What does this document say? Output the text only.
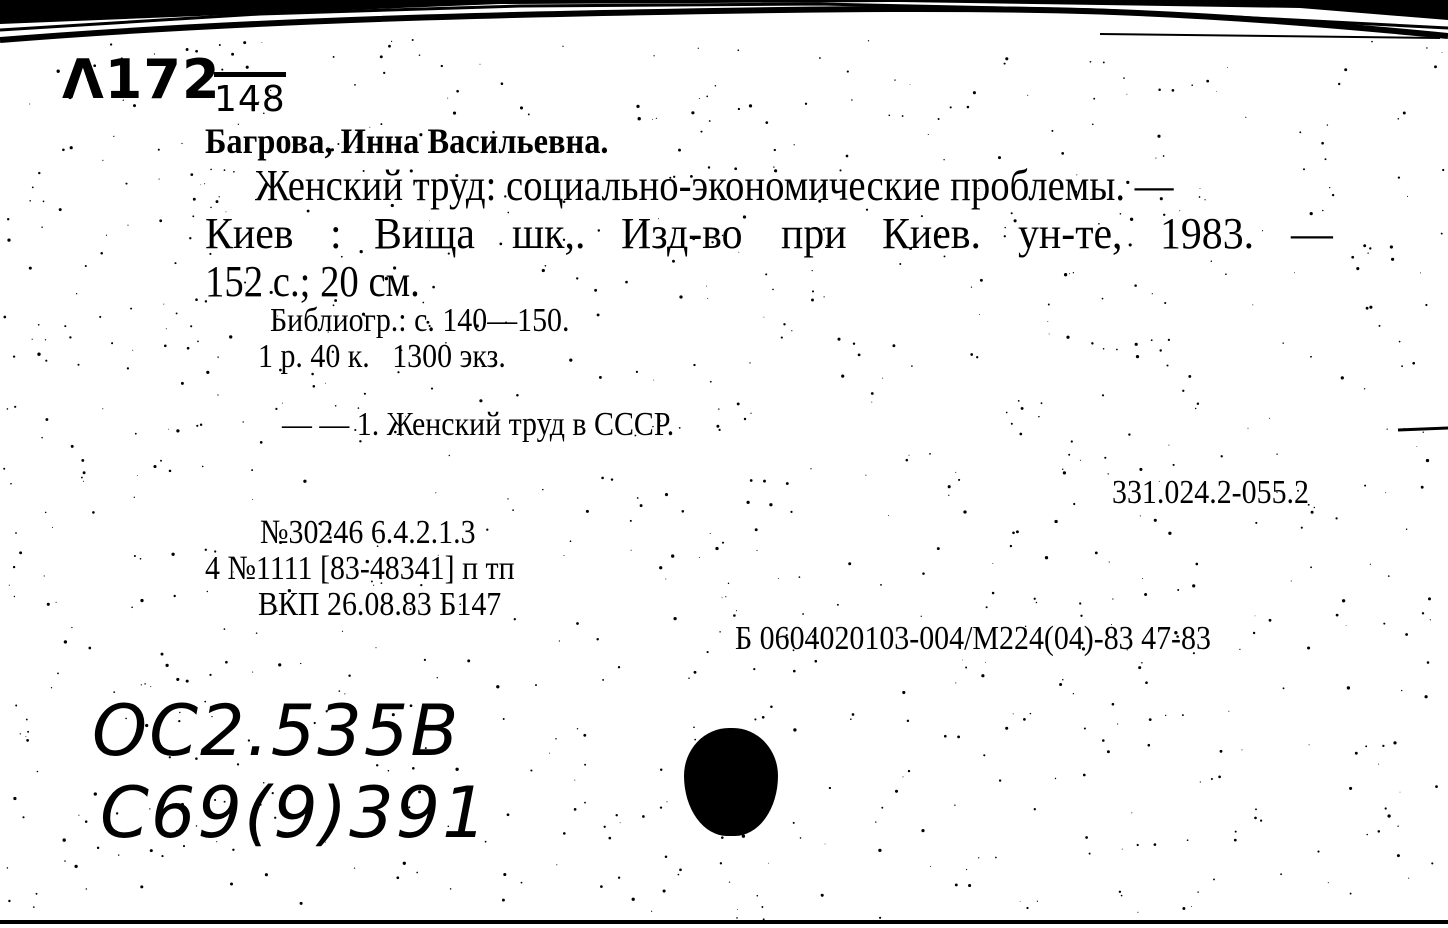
Λ172
148
Багрова, Инна Васильевна.
Женский труд: социально-экономические проблемы. —
Киев : Вища шк,. Изд-во при Киев. ун-те, 1983. —
152 с.; 20 см.
Библиогр.: с. 140—150.
1 р. 40 к.   1300 экз.
— — 1. Женский труд в СССР.
331.024.2-055.2
№30246 6.4.2.1.3
4 №1111 [83-48341] п тп
ВКП 26.08.83 Б147
Б 0604020103-004/М224(04)-83 47-83
OC2.535B
C69(9)391
